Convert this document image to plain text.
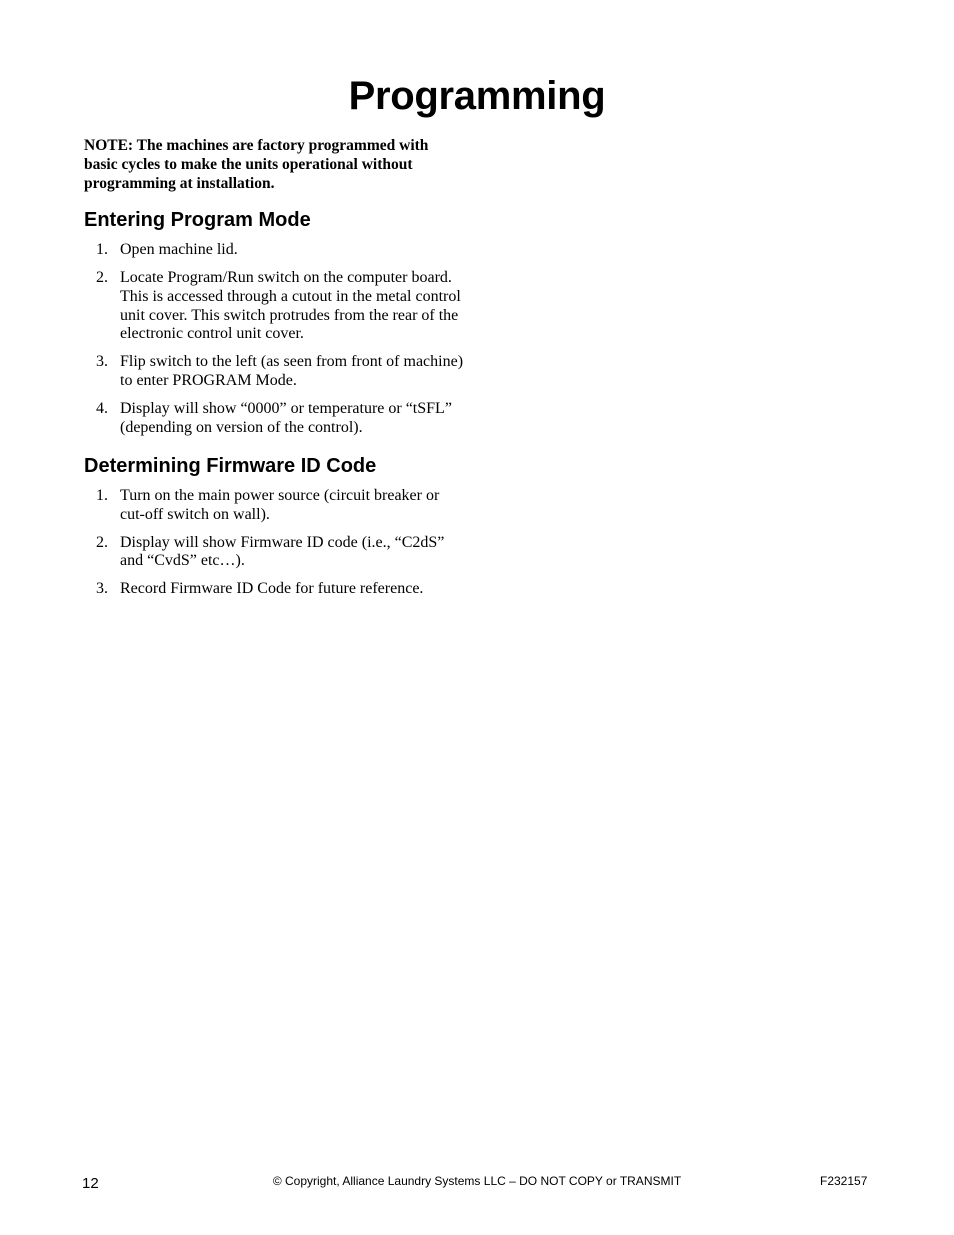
Programming

NOTE: The machines are factory programmed with basic cycles to make the units operational without programming at installation.

Entering Program Mode
1. Open machine lid.
2. Locate Program/Run switch on the computer board. This is accessed through a cutout in the metal control unit cover. This switch protrudes from the rear of the electronic control unit cover.
3. Flip switch to the left (as seen from front of machine) to enter PROGRAM Mode.
4. Display will show “0000” or temperature or “tSFL” (depending on version of the control).
Determining Firmware ID Code
1. Turn on the main power source (circuit breaker or cut-off switch on wall).
2. Display will show Firmware ID code (i.e., “C2dS” and “CvdS” etc…).
3. Record Firmware ID Code for future reference.
12	© Copyright, Alliance Laundry Systems LLC – DO NOT COPY or TRANSMIT	F232157
